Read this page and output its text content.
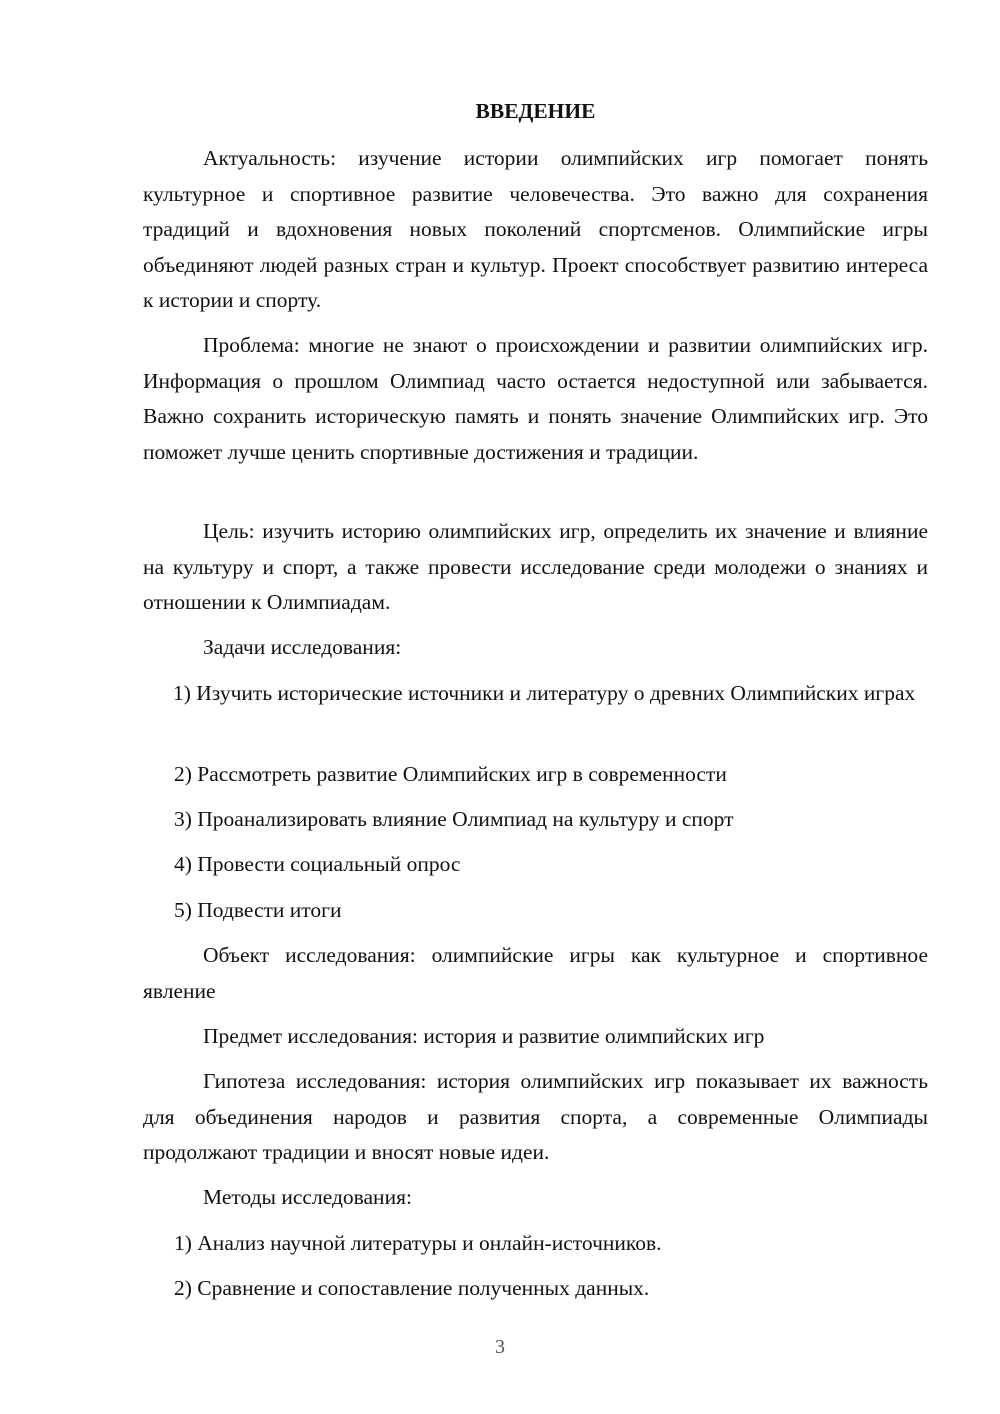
ВВЕДЕНИЕ

Актуальность: изучение истории олимпийских игр помогает понять культурное и спортивное развитие человечества. Это важно для сохранения традиций и вдохновения новых поколений спортсменов. Олимпийские игры объединяют людей разных стран и культур. Проект способствует развитию интереса к истории и спорту.

Проблема: многие не знают о происхождении и развитии олимпийских игр. Информация о прошлом Олимпиад часто остается недоступной или забывается. Важно сохранить историческую память и понять значение Олимпийских игр. Это поможет лучше ценить спортивные достижения и традиции.

Цель: изучить историю олимпийских игр, определить их значение и влияние на культуру и спорт, а также провести исследование среди молодежи о знаниях и отношении к Олимпиадам.

Задачи исследования:

1) Изучить исторические источники и литературу о древних Олимпийских играх

2) Рассмотреть развитие Олимпийских игр в современности

3) Проанализировать влияние Олимпиад на культуру и спорт

4) Провести социальный опрос

5) Подвести итоги

Объект исследования: олимпийские игры как культурное и спортивное явление

Предмет исследования: история и развитие олимпийских игр

Гипотеза исследования: история олимпийских игр показывает их важность для объединения народов и развития спорта, а современные Олимпиады продолжают традиции и вносят новые идеи.

Методы исследования:

1) Анализ научной литературы и онлайн-источников.

2) Сравнение и сопоставление полученных данных.

3
